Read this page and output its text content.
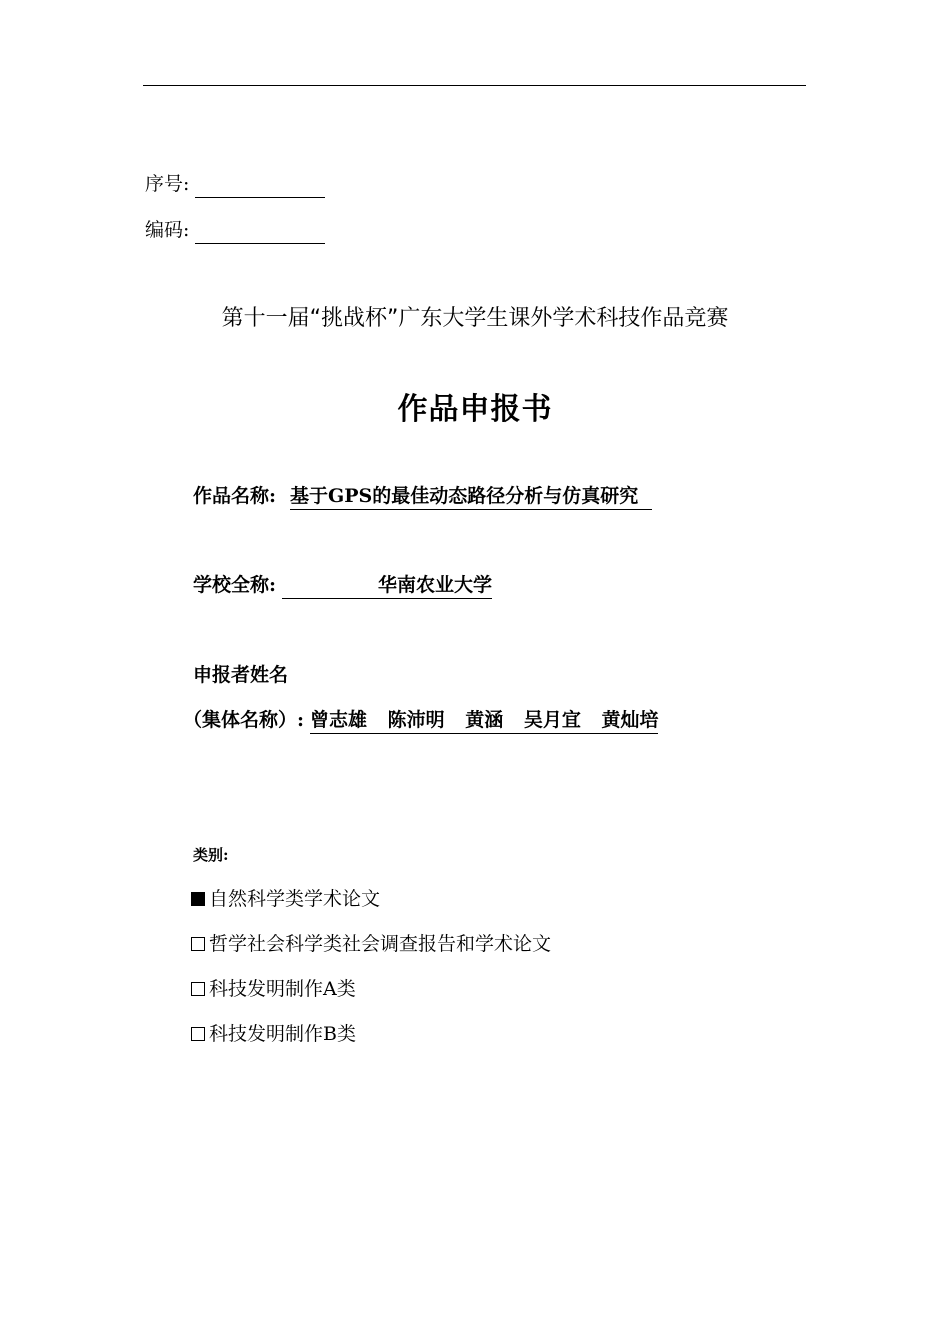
序号:
编码:
第十一届“挑战杯”广东大学生课外学术科技作品竞赛
作品申报书
作品名称: 基于GPS的最佳动态路径分析与仿真研究
学校全称:	华南农业大学
申报者姓名
（集体名称）: 曾志雄 陈沛明 黄涵 吴月宜 黄灿培
类别:
自然科学类学术论文
哲学社会科学类社会调查报告和学术论文
科技发明制作A类
科技发明制作B类
